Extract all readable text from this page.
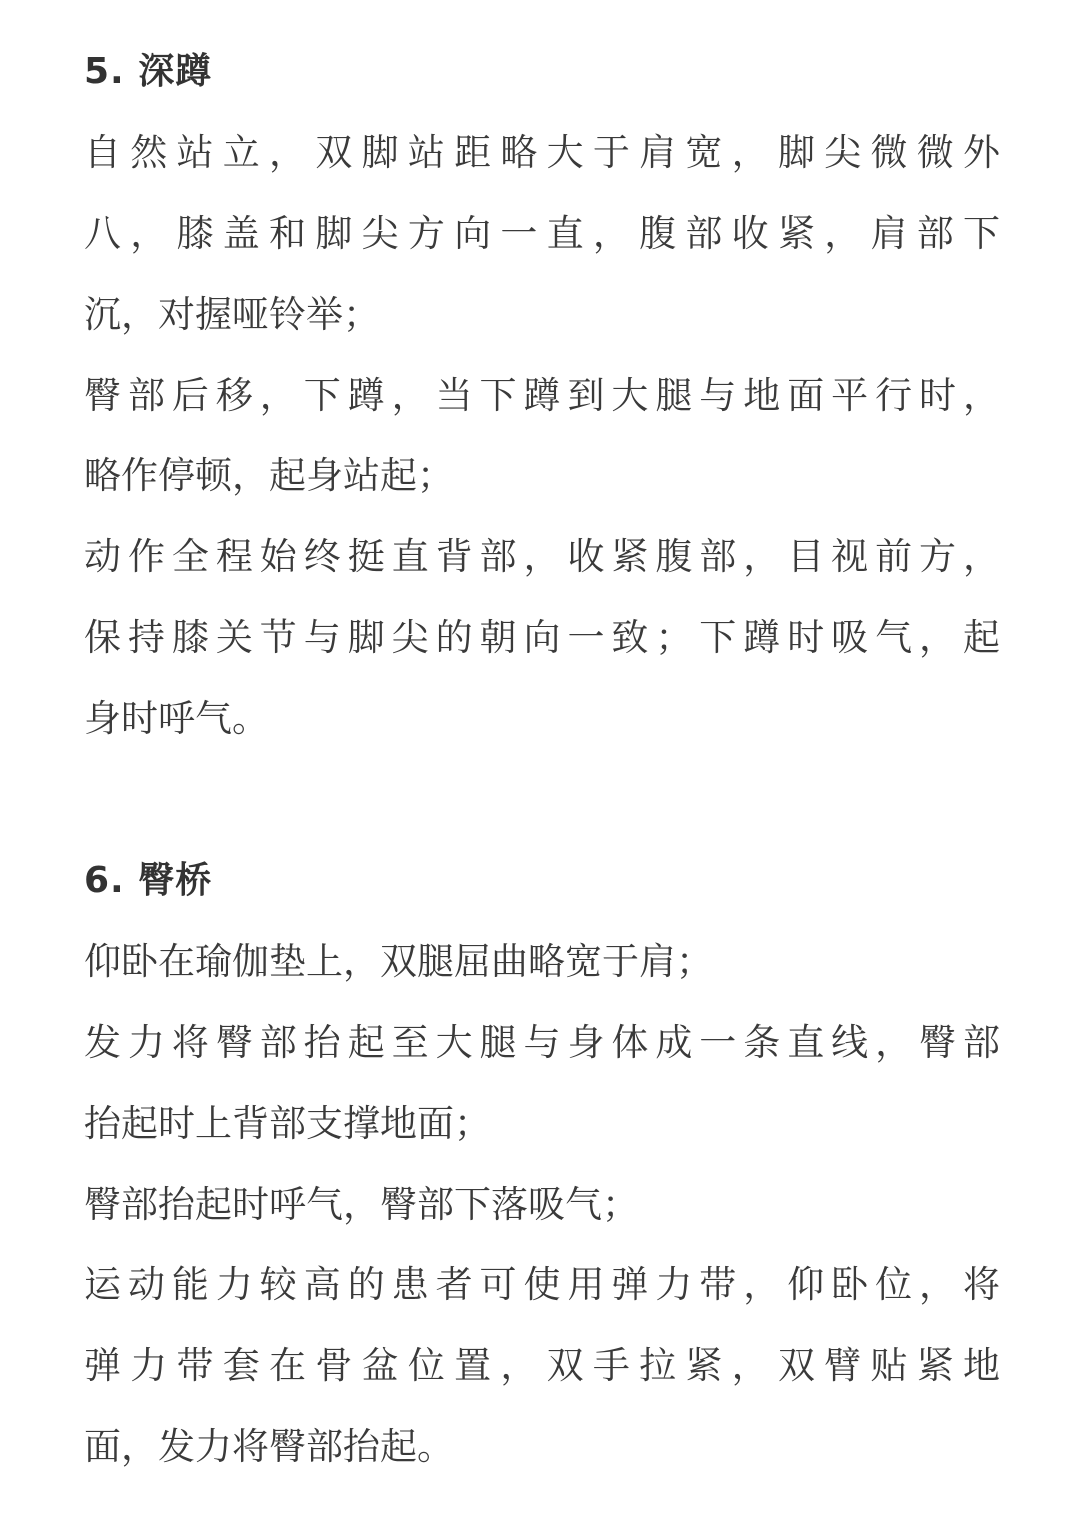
5. 深蹲

自然站立，双脚站距略大于肩宽，脚尖微微外

八，膝盖和脚尖方向一直，腹部收紧，肩部下

沉，对握哑铃举；

臀部后移，下蹲，当下蹲到大腿与地面平行时，

略作停顿，起身站起；

动作全程始终挺直背部，收紧腹部，目视前方，

保持膝关节与脚尖的朝向一致；下蹲时吸气，起

身时呼气。

6. 臀桥

仰卧在瑜伽垫上，双腿屈曲略宽于肩；

发力将臀部抬起至大腿与身体成一条直线，臀部

抬起时上背部支撑地面；

臀部抬起时呼气，臀部下落吸气；

运动能力较高的患者可使用弹力带，仰卧位，将

弹力带套在骨盆位置，双手拉紧，双臂贴紧地

面，发力将臀部抬起。
